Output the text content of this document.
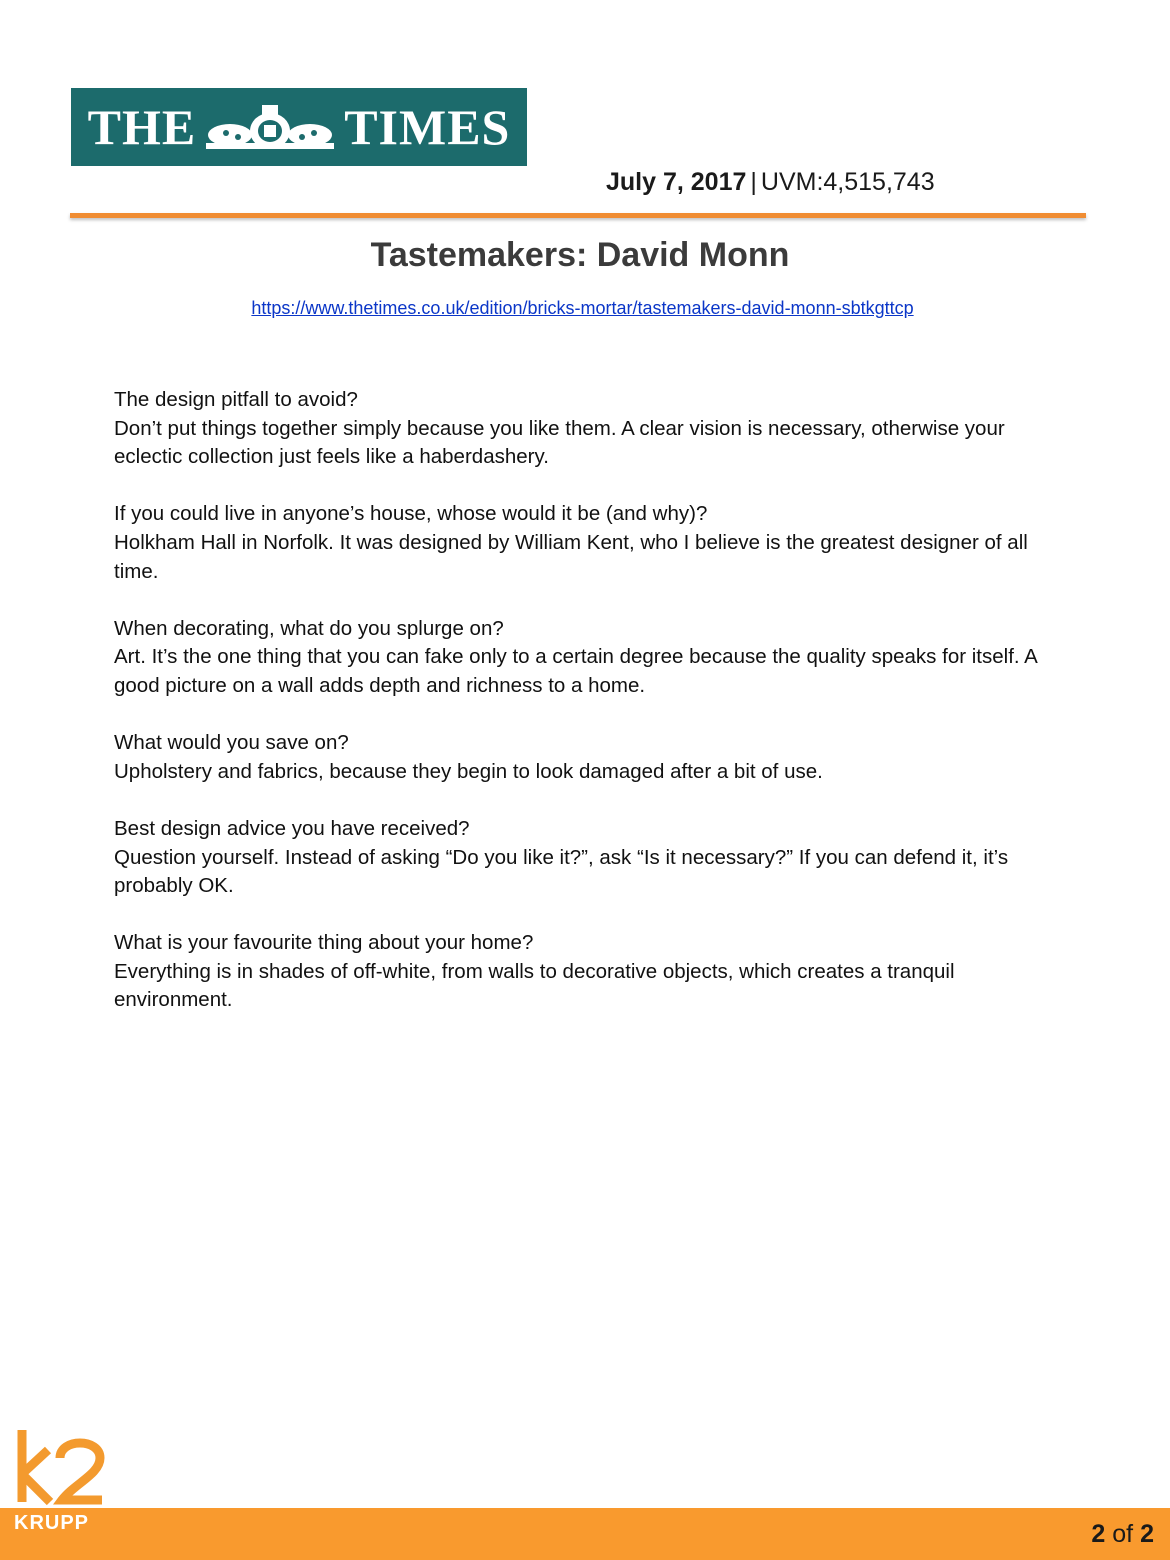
THE	TIMES
July 7, 2017 | UVM:4,515,743
Tastemakers: David Monn
https://www.thetimes.co.uk/edition/bricks-mortar/tastemakers-david-monn-sbtkgttcp

The design pitfall to avoid?

Don’t put things together simply because you like them. A clear vision is necessary, otherwise your eclectic collection just feels like a haberdashery.

If you could live in anyone’s house, whose would it be (and why)?

Holkham Hall in Norfolk. It was designed by William Kent, who I believe is the greatest designer of all time.

When decorating, what do you splurge on?

Art. It’s the one thing that you can fake only to a certain degree because the quality speaks for itself. A good picture on a wall adds depth and richness to a home.

What would you save on?

Upholstery and fabrics, because they begin to look damaged after a bit of use.

Best design advice you have received?

Question yourself. Instead of asking “Do you like it?”, ask “Is it necessary?” If you can defend it, it’s probably OK.

What is your favourite thing about your home?

Everything is in shades of off-white, from walls to decorative objects, which creates a tranquil environment.

KRUPP	2 of 2
